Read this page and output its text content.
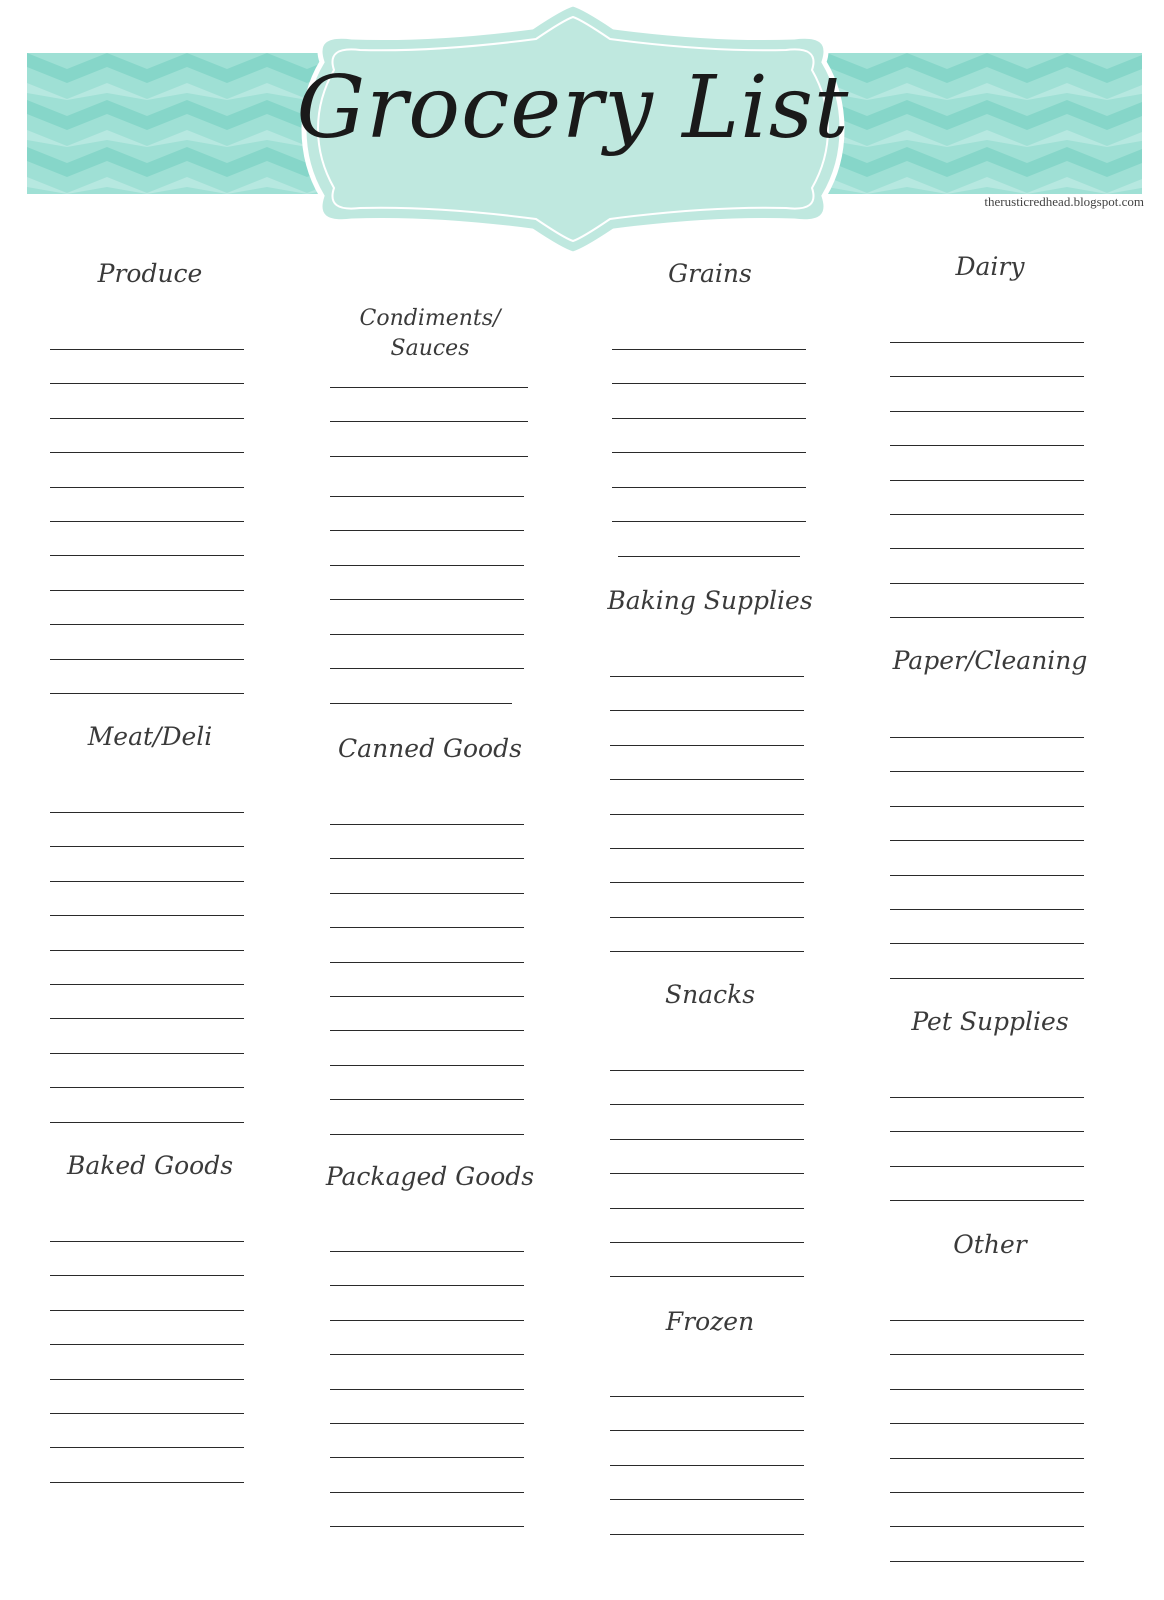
Grocery List
therusticredhead.blogspot.com
Produce
Meat/Deli
Baked Goods
Condiments/ Sauces
Canned Goods
Packaged Goods
Grains
Baking Supplies
Snacks
Frozen
Dairy
Paper/Cleaning
Pet Supplies
Other
